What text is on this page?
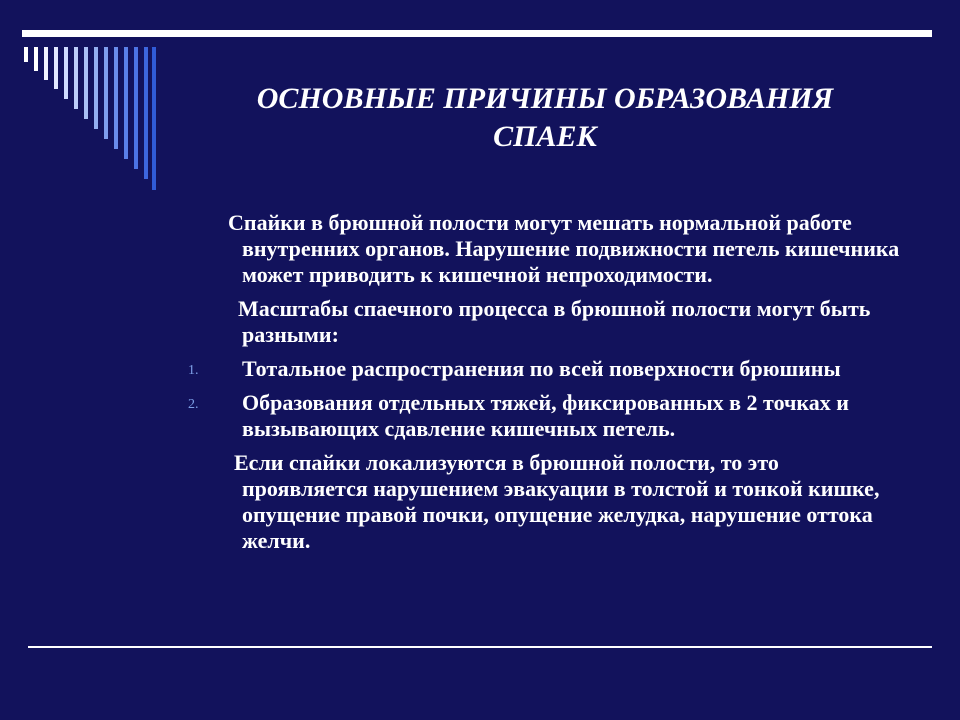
ОСНОВНЫЕ ПРИЧИНЫ ОБРАЗОВАНИЯ
СПАЕК

Спайки в брюшной полости могут мешать нормальной работе внутренних органов. Нарушение подвижности петель кишечника может приводить к кишечной непроходимости.

Масштабы спаечного процесса в брюшной полости могут быть разными:

1. Тотальное распространения по всей поверхности брюшины
2. Образования отдельных тяжей, фиксированных в 2 точках и вызывающих сдавление кишечных петель.

Если спайки локализуются в брюшной полости, то это проявляется нарушением эвакуации в толстой и тонкой кишке, опущение правой почки, опущение желудка, нарушение оттока желчи.
